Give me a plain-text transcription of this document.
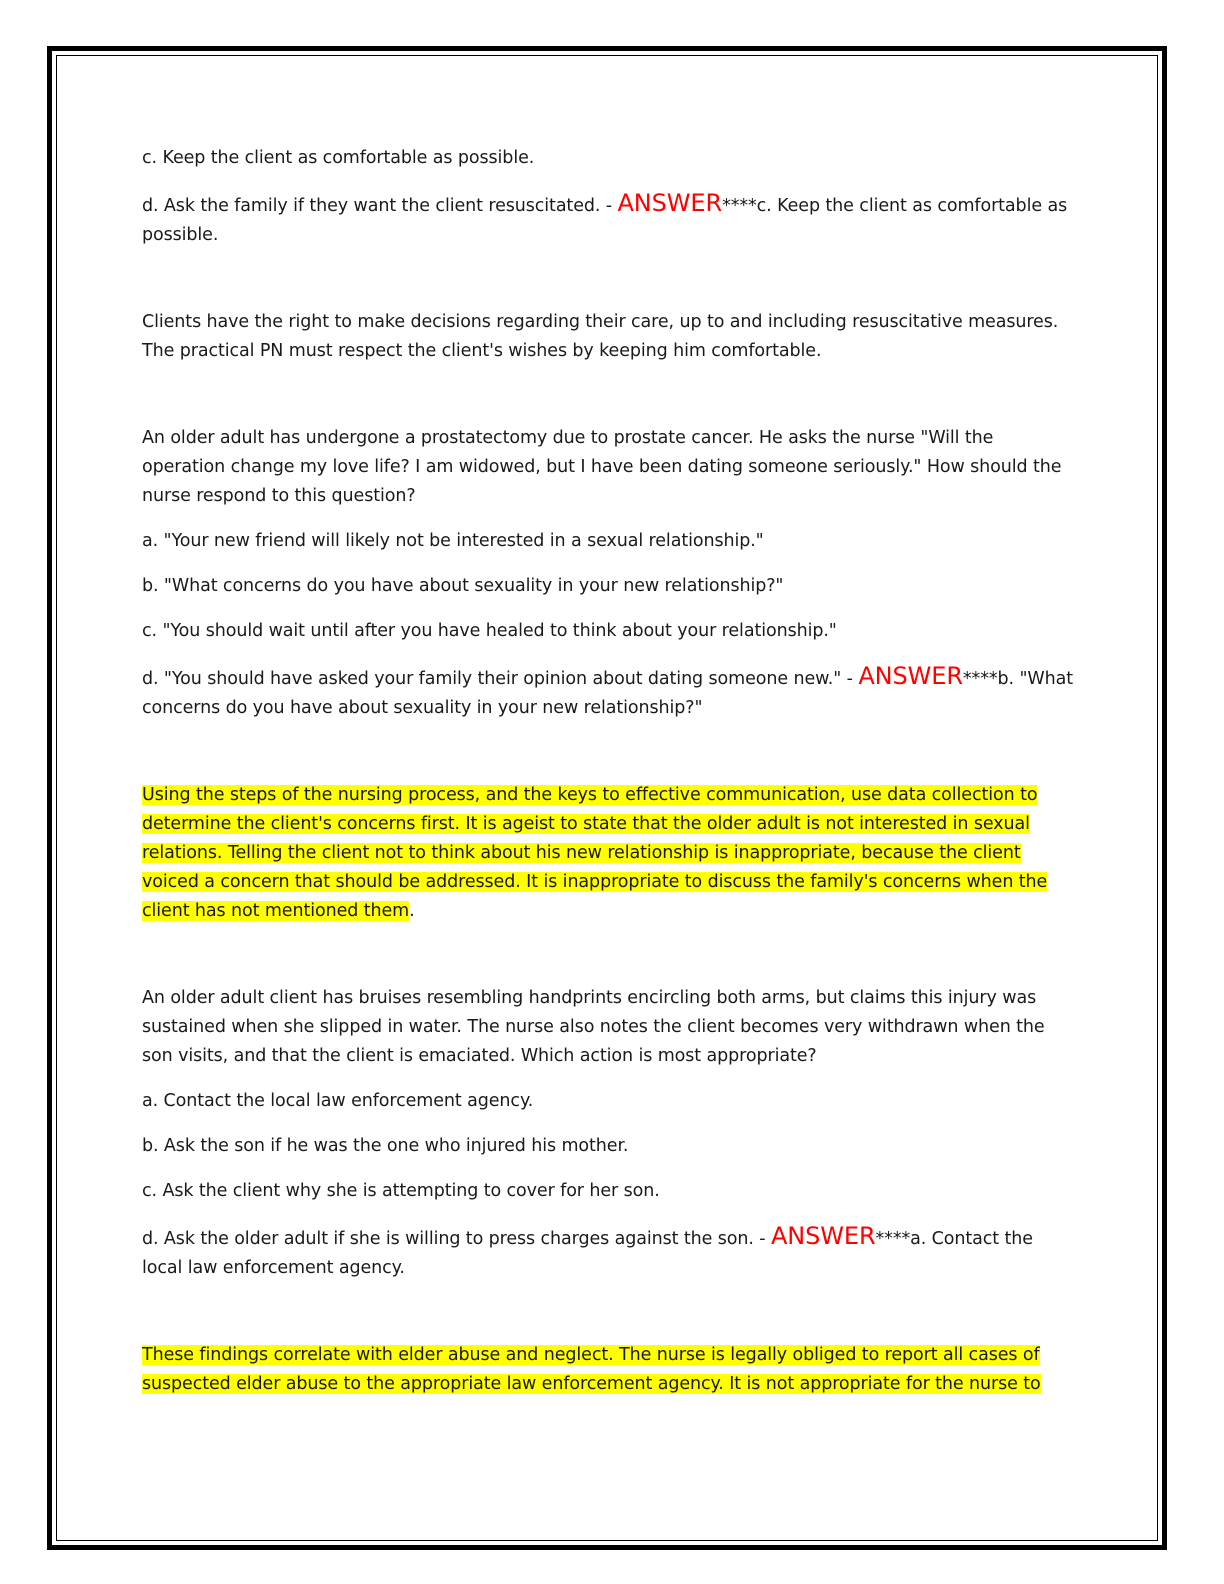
c. Keep the client as comfortable as possible.

d. Ask the family if they want the client resuscitated. - ANSWER****c. Keep the client as comfortable as possible.

Clients have the right to make decisions regarding their care, up to and including resuscitative measures. The practical PN must respect the client's wishes by keeping him comfortable.

An older adult has undergone a prostatectomy due to prostate cancer. He asks the nurse "Will the operation change my love life? I am widowed, but I have been dating someone seriously." How should the nurse respond to this question?

a. "Your new friend will likely not be interested in a sexual relationship."

b. "What concerns do you have about sexuality in your new relationship?"

c. "You should wait until after you have healed to think about your relationship."

d. "You should have asked your family their opinion about dating someone new." - ANSWER****b. "What concerns do you have about sexuality in your new relationship?"

Using the steps of the nursing process, and the keys to effective communication, use data collection to determine the client's concerns first. It is ageist to state that the older adult is not interested in sexual relations. Telling the client not to think about his new relationship is inappropriate, because the client voiced a concern that should be addressed. It is inappropriate to discuss the family's concerns when the client has not mentioned them.

An older adult client has bruises resembling handprints encircling both arms, but claims this injury was sustained when she slipped in water. The nurse also notes the client becomes very withdrawn when the son visits, and that the client is emaciated. Which action is most appropriate?

a. Contact the local law enforcement agency.

b. Ask the son if he was the one who injured his mother.

c. Ask the client why she is attempting to cover for her son.

d. Ask the older adult if she is willing to press charges against the son. - ANSWER****a. Contact the local law enforcement agency.

These findings correlate with elder abuse and neglect. The nurse is legally obliged to report all cases of suspected elder abuse to the appropriate law enforcement agency. It is not appropriate for the nurse to
